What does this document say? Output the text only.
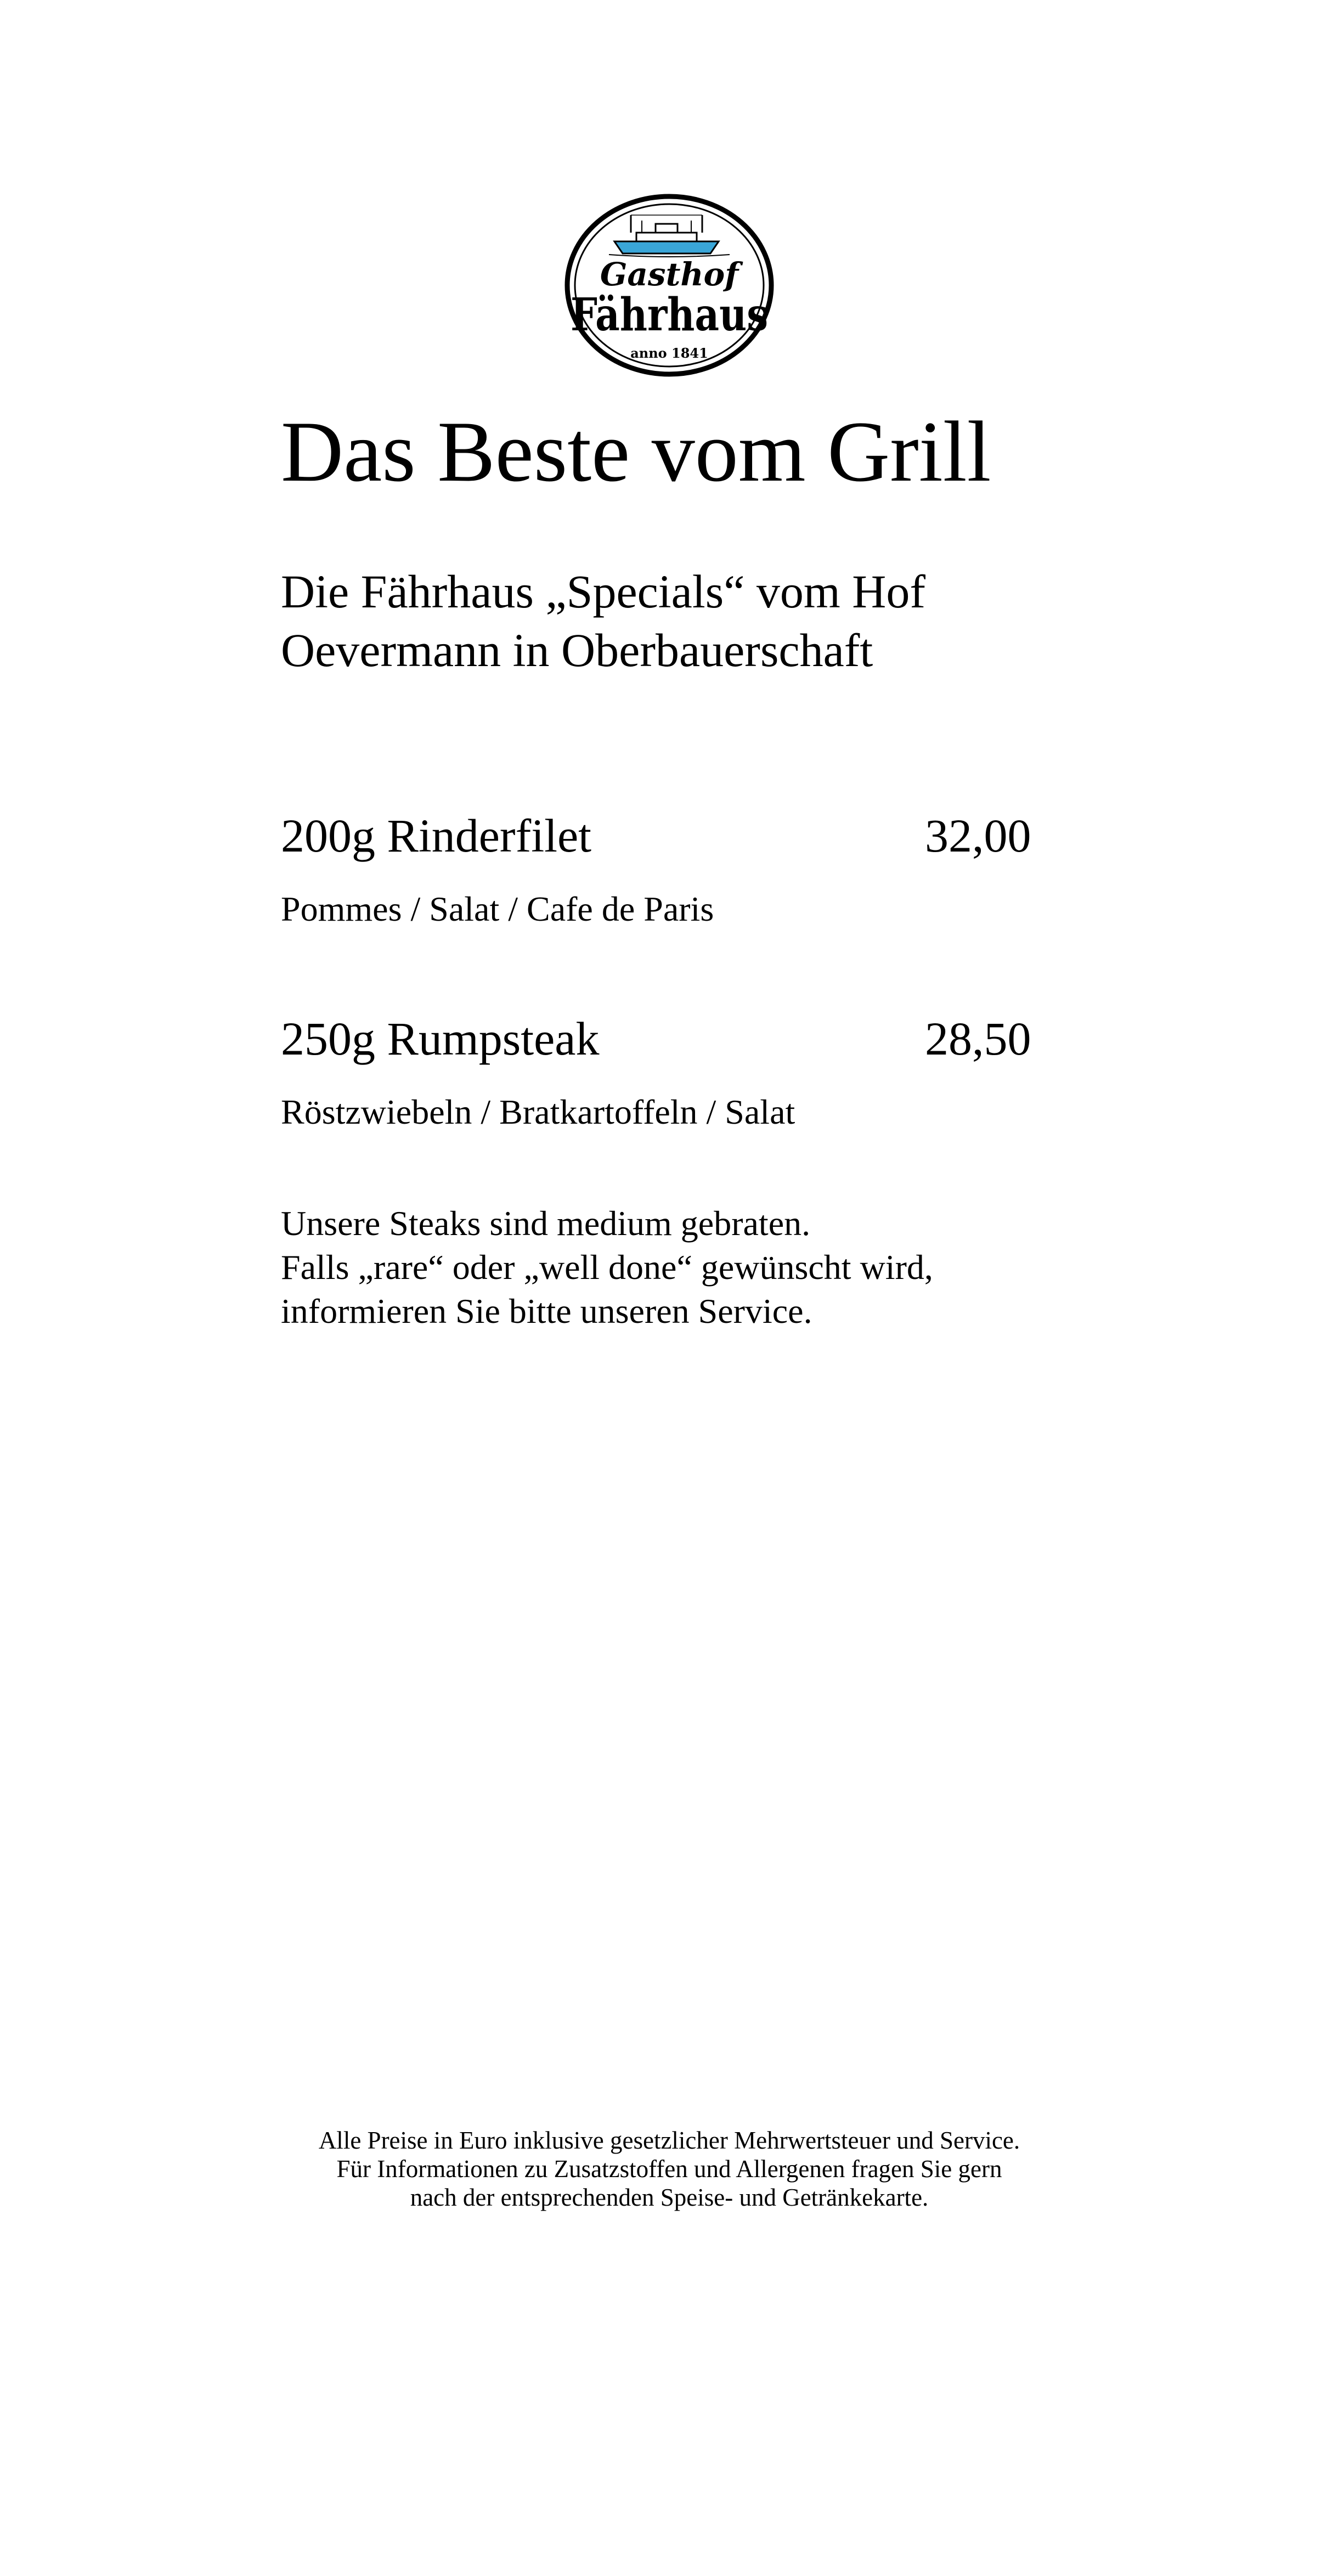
Gasthof
Fährhaus
anno 1841
Das Beste vom Grill
Die Fährhaus „Specials“ vom Hof
Oevermann in Oberbauerschaft
200g Rinderfilet	32,00
Pommes / Salat / Cafe de Paris
250g Rumpsteak	28,50
Röstzwiebeln / Bratkartoffeln / Salat
Unsere Steaks sind medium gebraten.
Falls „rare“ oder „well done“ gewünscht wird,
informieren Sie bitte unseren Service.
Alle Preise in Euro inklusive gesetzlicher Mehrwertsteuer und Service.
Für Informationen zu Zusatzstoffen und Allergenen fragen Sie gern
nach der entsprechenden Speise- und Getränkekarte.
